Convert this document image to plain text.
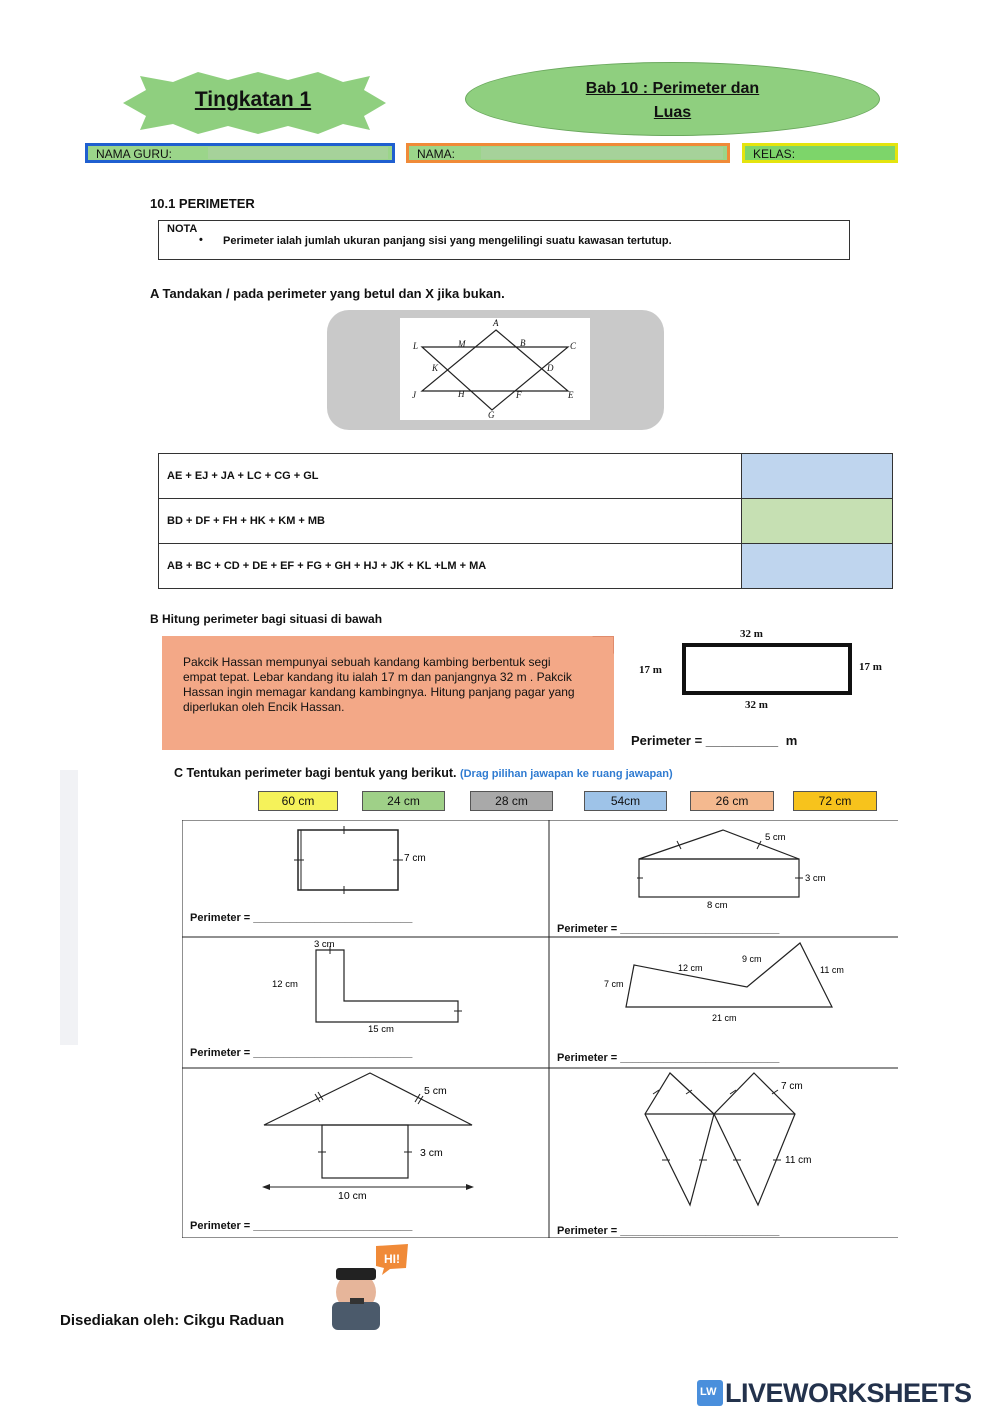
Tingkatan 1	Bab 10 : Perimeter dan
Luas
NAMA GURU:	NAMA:	KELAS:
10.1 PERIMETER
NOTA
• Perimeter ialah jumlah ukuran panjang sisi yang mengelilingi suatu kawasan tertutup.
A Tandakan / pada perimeter yang betul dan X jika bukan.
A
B	C
D
E
F
G
H
J
K
L	M
AE + EJ + JA + LC + CG + GL	
BD + DF + FH + HK + KM + MB	
AB + BC + CD + DE + EF + FG + GH + HJ + JK + KL +LM + MA	
B Hitung perimeter bagi situasi di bawah
Pakcik Hassan mempunyai sebuah kandang kambing berbentuk segi empat tepat. Lebar kandang itu ialah 17 m dan panjangnya 32 m . Pakcik Hassan ingin memagar kandang kambingnya. Hitung panjang pagar yang diperlukan oleh Encik Hassan.
32 m
32 m
17 m	17 m
Perimeter = __________ m
C Tentukan perimeter bagi bentuk yang berikut. (Drag pilihan jawapan ke ruang jawapan)
60 cm	24 cm	28 cm	54cm	26 cm	72 cm
7 cm
Perimeter = __________________________
5 cm
3 cm
8 cm
Perimeter = __________________________
3 cm
12 cm
15 cm
Perimeter = __________________________
12 cm
9 cm
11 cm
7 cm
21 cm
Perimeter = __________________________
5 cm
3 cm
10 cm
Perimeter = __________________________
7 cm
11 cm
Perimeter = __________________________
Disediakan oleh: Cikgu Raduan
HI!
LW LIVEWORKSHEETS
